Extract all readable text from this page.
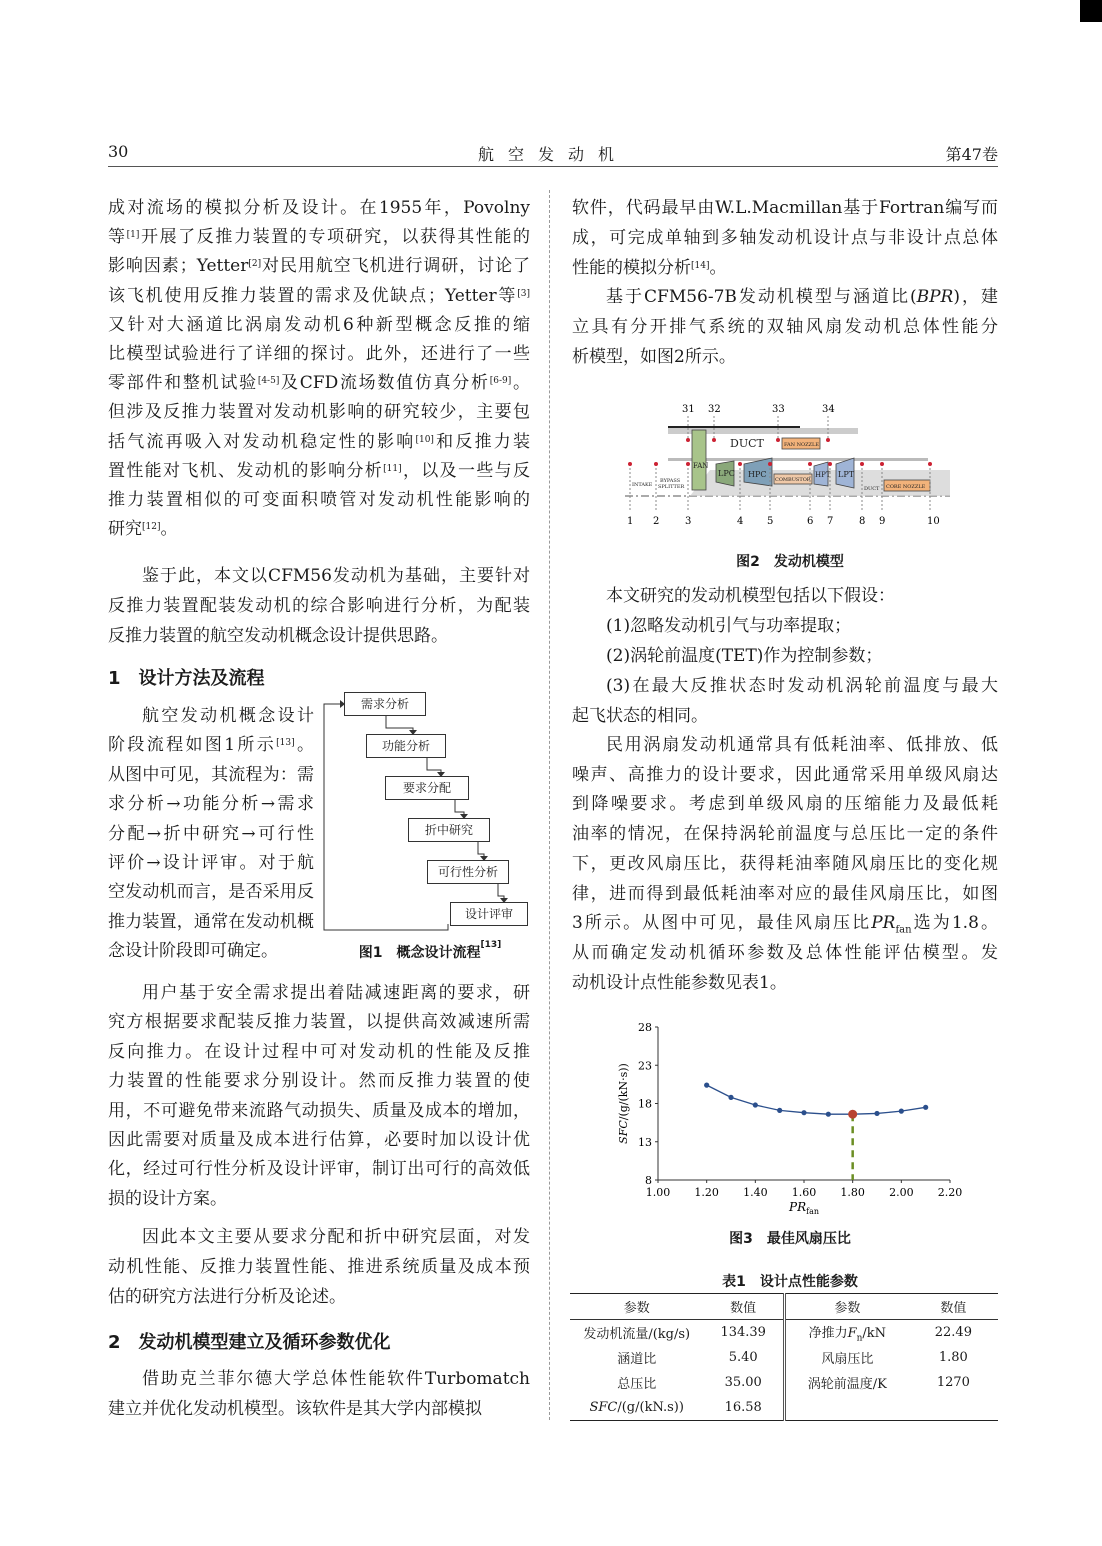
30	航空发动机	第47卷
成对流场的模拟分析及设计。在1955年，Povolny
等[1]开展了反推力装置的专项研究，以获得其性能的
影响因素；Yetter[2]对民用航空飞机进行调研，讨论了
该飞机使用反推力装置的需求及优缺点；Yetter等[3]
又针对大涵道比涡扇发动机6种新型概念反推的缩
比模型试验进行了详细的探讨。此外，还进行了一些
零部件和整机试验[4-5]及CFD流场数值仿真分析[6-9]。
但涉及反推力装置对发动机影响的研究较少，主要包
括气流再吸入对发动机稳定性的影响[10]和反推力装
置性能对飞机、发动机的影响分析[11]，以及一些与反
推力装置相似的可变面积喷管对发动机性能影响的
研究[12]。
鉴于此，本文以CFM56发动机为基础，主要针对
反推力装置配装发动机的综合影响进行分析，为配装
反推力装置的航空发动机概念设计提供思路。
航空发动机概念设计
阶段流程如图1所示[13]。
从图中可见，其流程为：需
求分析→功能分析→需求
分配→折中研究→可行性
评价→设计评审。对于航
空发动机而言，是否采用反
推力装置，通常在发动机概
念设计阶段即可确定。
用户基于安全需求提出着陆减速距离的要求，研
究方根据要求配装反推力装置，以提供高效减速所需
反向推力。在设计过程中可对发动机的性能及反推
力装置的性能要求分别设计。然而反推力装置的使
用，不可避免带来流路气动损失、质量及成本的增加，
因此需要对质量及成本进行估算，必要时加以设计优
化，经过可行性分析及设计评审，制订出可行的高效低
损的设计方案。
因此本文主要从要求分配和折中研究层面，对发
动机性能、反推力装置性能、推进系统质量及成本预
估的研究方法进行分析及论述。
借助克兰菲尔德大学总体性能软件Turbomatch
建立并优化发动机模型。该软件是其大学内部模拟
1　设计方法及流程
2　发动机模型建立及循环参数优化
需求分析
功能分析
要求分配
折中研究
可行性分析
设计评审
图1　概念设计流程[13]
软件，代码最早由W.L.Macmillan基于Fortran编写而
成，可完成单轴到多轴发动机设计点与非设计点总体
性能的模拟分析[14]。
基于CFM56-7B发动机模型与涵道比(BPR)，建
立具有分开排气系统的双轴风扇发动机总体性能分
析模型，如图2所示。
本文研究的发动机模型包括以下假设：
(1)忽略发动机引气与功率提取；
(2)涡轮前温度(TET)作为控制参数；
(3)在最大反推状态时发动机涡轮前温度与最大
起飞状态的相同。
民用涡扇发动机通常具有低耗油率、低排放、低
噪声、高推力的设计要求，因此通常采用单级风扇达
到降噪要求。考虑到单级风扇的压缩能力及最低耗
油率的情况，在保持涡轮前温度与总压比一定的条件
下，更改风扇压比，获得耗油率随风扇压比的变化规
律，进而得到最低耗油率对应的最佳风扇压比，如图
3所示。从图中可见，最佳风扇压比$PR_{fan}$选为1.8。
从而确定发动机循环参数及总体性能评估模型。发
动机设计点性能参数见表1。
DUCT	FAN NOZZLE
FAN
INTAKE
BYPASS
SPLITTER
LPC HPC
COMBUSTOR
HPT LPT
DUCT CORE NOZZLE
31 32	33	34
1 2	3	4 5	6 7	8 9	10
图2　发动机模型
8
13
18
23
28
1.00 1.20 1.40 1.60 1.80 2.00 2.20
$PR_{fan}$
SFC/(g/(kN·s))
图3　最佳风扇压比
表1　设计点性能参数
参数	数值	参数	数值
发动机流量/(kg/s)	134.39	净推力$F_n/kN$	22.49
涵道比	5.40	风扇压比	1.80
总压比	35.00	涡轮前温度/K	1270
SFC/(g/(kN.s))	16.58		
